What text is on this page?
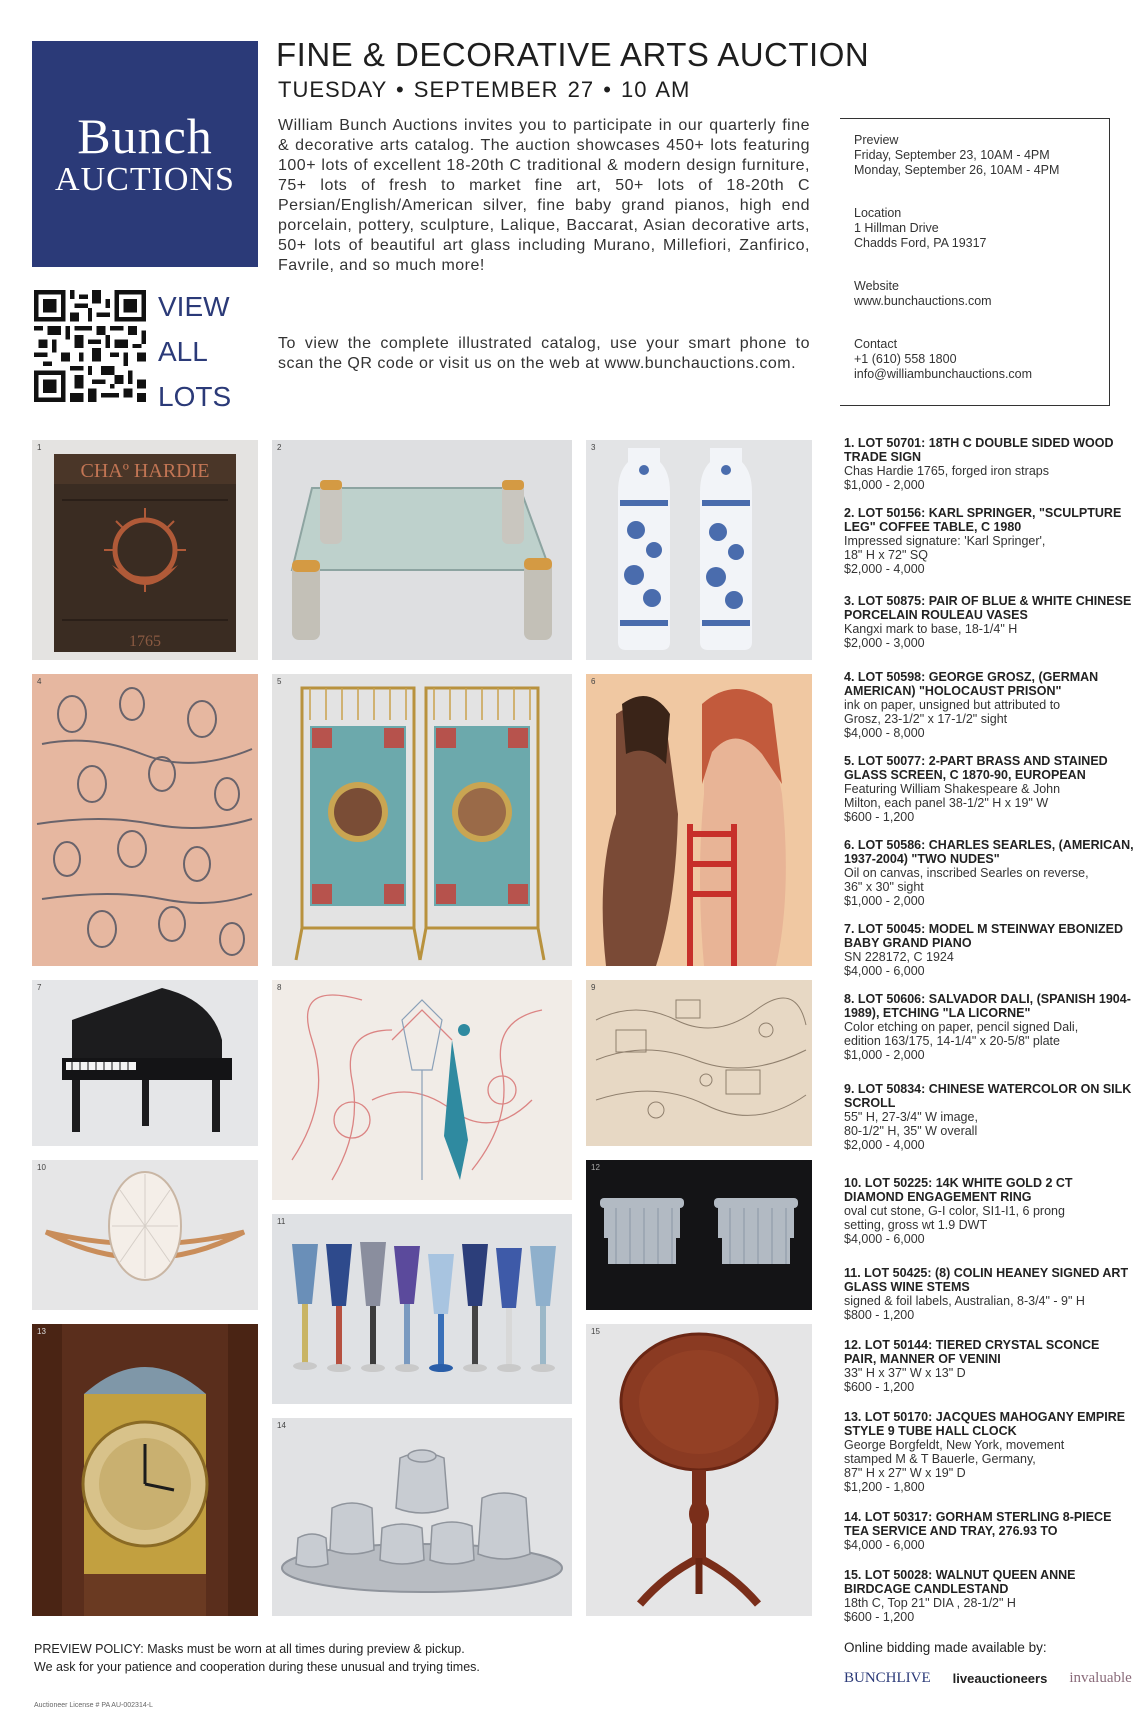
Bunch
AUCTIONS
VIEW
ALL
LOTS
FINE & DECORATIVE ARTS AUCTION
TUESDAY • SEPTEMBER 27 • 10 AM
William Bunch Auctions invites you to participate in our quarterly fine & decorative arts catalog. The auction showcases 450+ lots featuring 100+ lots of excellent 18-20th C traditional & modern design furniture, 75+ lots of fresh to market fine art, 50+ lots of 18-20th C Persian/English/American silver, fine baby grand pianos, high end porcelain, pottery, sculpture, Lalique, Baccarat, Asian decorative arts, 50+ lots of beautiful art glass including Murano, Millefiori, Zanfirico, Favrile, and so much more!
To view the complete illustrated catalog, use your smart phone to scan the QR code or visit us on the web at www.bunchauctions.com.
Preview
Friday, September 23, 10AM - 4PM
Monday, September 26, 10AM - 4PM
Location
1 Hillman Drive
Chadds Ford, PA 19317
Website
www.bunchauctions.com
Contact
+1 (610) 558 1800
info@williambunchauctions.com
CHAº HARDIE
1765
1	2	3
4	5	6
7	8	9
10
11
12
13
14
15
1. LOT 50701: 18TH C DOUBLE SIDED WOOD TRADE SIGN
Chas Hardie 1765, forged iron straps
$1,000 - 2,000
2. LOT 50156: KARL SPRINGER, "SCULPTURE LEG" COFFEE TABLE, C 1980
Impressed signature: 'Karl Springer',
18" H x 72" SQ
$2,000 - 4,000
3. LOT 50875: PAIR OF BLUE & WHITE CHINESE PORCELAIN ROULEAU VASES
Kangxi mark to base, 18-1/4" H
$2,000 - 3,000
4. LOT 50598: GEORGE GROSZ, (GERMAN AMERICAN) "HOLOCAUST PRISON"
ink on paper, unsigned but attributed to
Grosz, 23-1/2" x 17-1/2" sight
$4,000 - 8,000
5. LOT 50077: 2-PART BRASS AND STAINED GLASS SCREEN, C 1870-90, EUROPEAN
Featuring William Shakespeare & John
Milton, each panel 38-1/2" H x 19" W
$600 - 1,200
6. LOT 50586: CHARLES SEARLES, (AMERICAN, 1937-2004) "TWO NUDES"
Oil on canvas, inscribed Searles on reverse,
36" x 30" sight
$1,000 - 2,000
7. LOT 50045: MODEL M STEINWAY EBONIZED BABY GRAND PIANO
SN 228172, C 1924
$4,000 - 6,000
8. LOT 50606: SALVADOR DALI, (SPANISH 1904-1989), ETCHING "LA LICORNE"
Color etching on paper, pencil signed Dali,
edition 163/175, 14-1/4" x 20-5/8" plate
$1,000 - 2,000
9. LOT 50834: CHINESE WATERCOLOR ON SILK SCROLL
55" H, 27-3/4" W image,
80-1/2" H, 35" W overall
$2,000 - 4,000
10. LOT 50225: 14K WHITE GOLD 2 CT DIAMOND ENGAGEMENT RING
oval cut stone, G-I color, SI1-I1, 6 prong
setting, gross wt 1.9 DWT
$4,000 - 6,000
11. LOT 50425: (8) COLIN HEANEY SIGNED ART GLASS WINE STEMS
signed & foil labels, Australian, 8-3/4" - 9" H
$800 - 1,200
12. LOT 50144: TIERED CRYSTAL SCONCE PAIR, MANNER OF VENINI
33" H x 37" W x 13" D
$600 - 1,200
13. LOT 50170: JACQUES MAHOGANY EMPIRE STYLE 9 TUBE HALL CLOCK
George Borgfeldt, New York, movement
stamped M & T Bauerle, Germany,
87" H x 27" W x 19" D
$1,200 - 1,800
14. LOT 50317: GORHAM STERLING 8-PIECE TEA SERVICE AND TRAY, 276.93 TO
$4,000 - 6,000
15. LOT 50028: WALNUT QUEEN ANNE BIRDCAGE CANDLESTAND
18th C, Top 21" DIA , 28-1/2" H
$600 - 1,200
PREVIEW POLICY: Masks must be worn at all times during preview & pickup.
We ask for your patience and cooperation during these unusual and trying times.
Auctioneer License # PA AU-002314-L
Online bidding made available by:
BUNCHLIVE liveauctioneers invaluable
